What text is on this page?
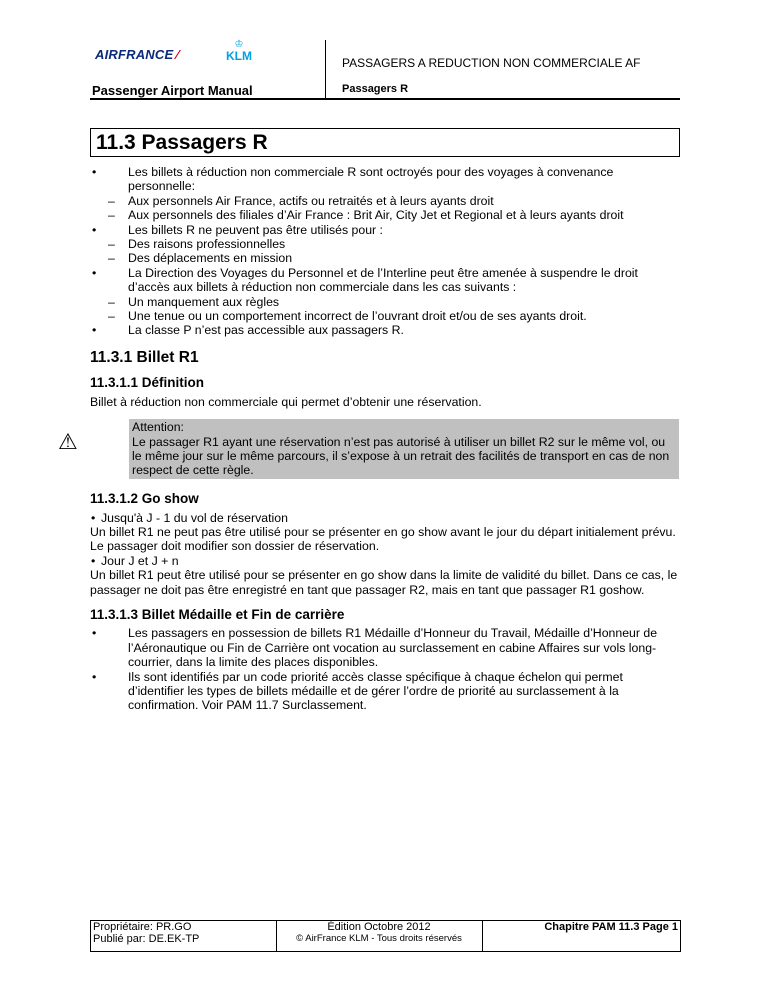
AIRFRANCE ⁄
♔
KLM
Passenger Airport Manual
PASSAGERS A REDUCTION NON COMMERCIALE AF
Passagers R
11.3 Passagers R
• Les billets à réduction non commerciale R sont octroyés pour des voyages à convenance personnelle:
– Aux personnels Air France, actifs ou retraités et à leurs ayants droit
– Aux personnels des filiales d’Air France : Brit Air, City Jet et Regional et à leurs ayants droit
• Les billets R ne peuvent pas être utilisés pour :
– Des raisons professionnelles
– Des déplacements en mission
• La Direction des Voyages du Personnel et de l’Interline peut être amenée à suspendre le droit d’accès aux billets à réduction non commerciale dans les cas suivants :
– Un manquement aux règles
– Une tenue ou un comportement incorrect de l’ouvrant droit et/ou de ses ayants droit.
• La classe P n’est pas accessible aux passagers R.
11.3.1 Billet R1
11.3.1.1 Définition

Billet à réduction non commerciale qui permet d’obtenir une réservation.

⚠
Attention:
Le passager R1 ayant une réservation n’est pas autorisé à utiliser un billet R2 sur le même vol, ou le même jour sur le même parcours, il s’expose à un retrait des facilités de transport en cas de non respect de cette règle.
11.3.1.2 Go show
• Jusqu'à J - 1 du vol de réservation

Un billet R1 ne peut pas être utilisé pour se présenter en go show avant le jour du départ initialement prévu. Le passager doit modifier son dossier de réservation.

• Jour J et J + n

Un billet R1 peut être utilisé pour se présenter en go show dans la limite de validité du billet. Dans ce cas, le passager ne doit pas être enregistré en tant que passager R2, mais en tant que passager R1 goshow.

11.3.1.3 Billet Médaille et Fin de carrière
• Les passagers en possession de billets R1 Médaille d’Honneur du Travail, Médaille d’Honneur de l’Aéronautique ou Fin de Carrière ont vocation au surclassement en cabine Affaires sur vols long-courrier, dans la limite des places disponibles.
• Ils sont identifiés par un code priorité accès classe spécifique à chaque échelon qui permet d’identifier les types de billets médaille et de gérer l’ordre de priorité au surclassement à la confirmation. Voir PAM 11.7 Surclassement.
Propriétaire: PR.GO
Publié par: DE.EK-TP
Édition Octobre 2012
© AirFrance KLM - Tous droits réservés
Chapitre PAM 11.3 Page 1
